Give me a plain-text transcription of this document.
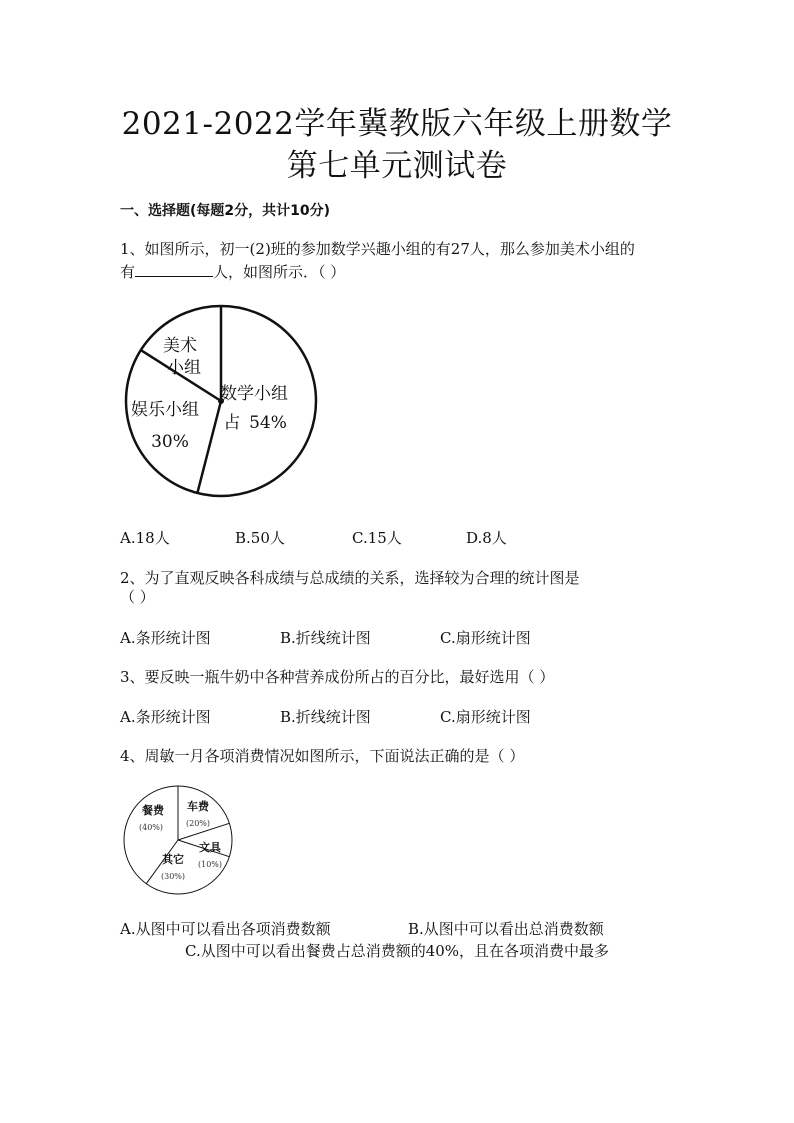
2021-2022学年冀教版六年级上册数学
第七单元测试卷
一、选择题(每题2分，共计10分)
1、如图所示，初一(2)班的参加数学兴趣小组的有27人，那么参加美术小组的
有	人，如图所示．（ ）
数学小组
占 54%
娱乐小组
30%
美术
小组
A.18人	B.50人	C.15人	D.8人
2、为了直观反映各科成绩与总成绩的关系，选择较为合理的统计图是
（ ）
A.条形统计图	B.折线统计图	C.扇形统计图
3、要反映一瓶牛奶中各种营养成份所占的百分比，最好选用（ ）
A.条形统计图	B.折线统计图	C.扇形统计图
4、周敏一月各项消费情况如图所示，下面说法正确的是（ ）
车费
(20%)
文具
(10%)
其它
(30%)
餐费
(40%)
A.从图中可以看出各项消费数额	B.从图中可以看出总消费数额
C.从图中可以看出餐费占总消费额的40%，且在各项消费中最多
